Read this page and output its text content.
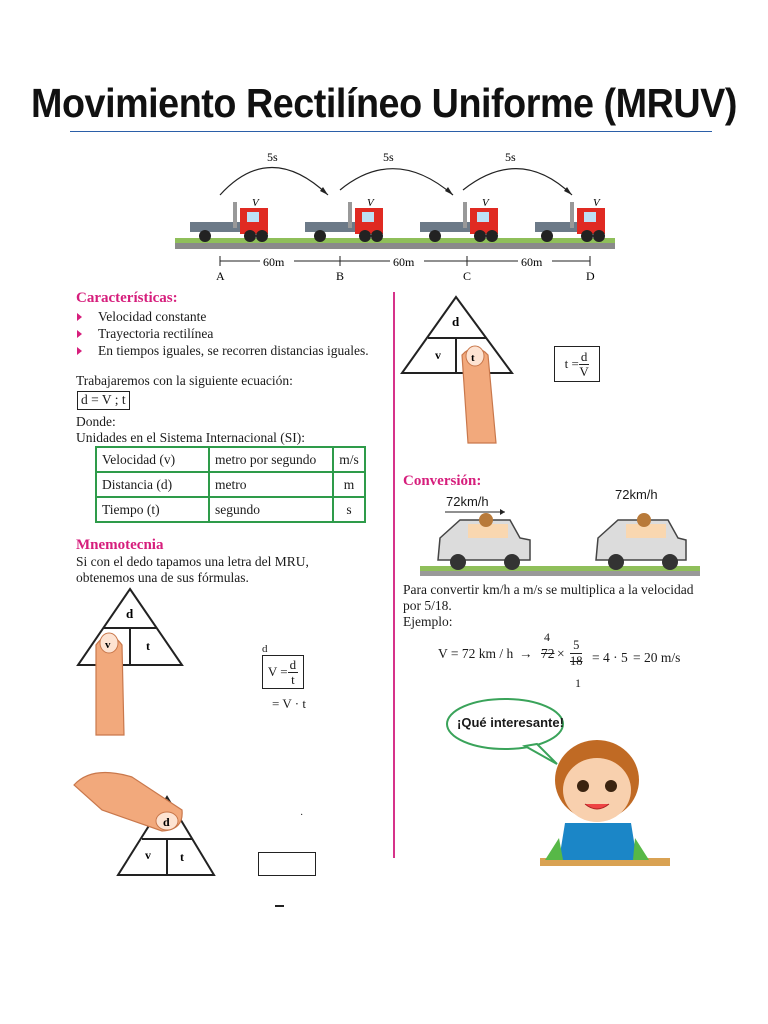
Movimiento Rectilíneo Uniforme (MRUV)
5s	5s	5s
V	V	V	V
60m	60m	60m
A	B	C	D
Características:
Velocidad constante
Trayectoria rectilínea
En tiempos iguales, se recorren distancias iguales.
Trabajaremos con la siguiente ecuación:
d = V ; t
Donde:
Unidades en el Sistema Internacional (SI):
Velocidad (v)	metro por segundo	m/s
Distancia (d)	metro	m
Tiempo (t)	segundo	s
Mnemotecnia
Si con el dedo tapamos una letra del MRU,
obtenemos una de sus fórmulas.
d
t
v	d
$V = \frac{d}{t}$
= V · t
v t
d	·
d
v	t	$t = \frac{d}{V}$
Conversión:
72km/h	72km/h
Para convertir km/h a m/s se multiplica a la velocidad
por 5/18.
Ejemplo:
V = 72 km / h →
4
72 ×
5
18
1
= 4 · 5 = 20 m/s
¡Qué interesante!
